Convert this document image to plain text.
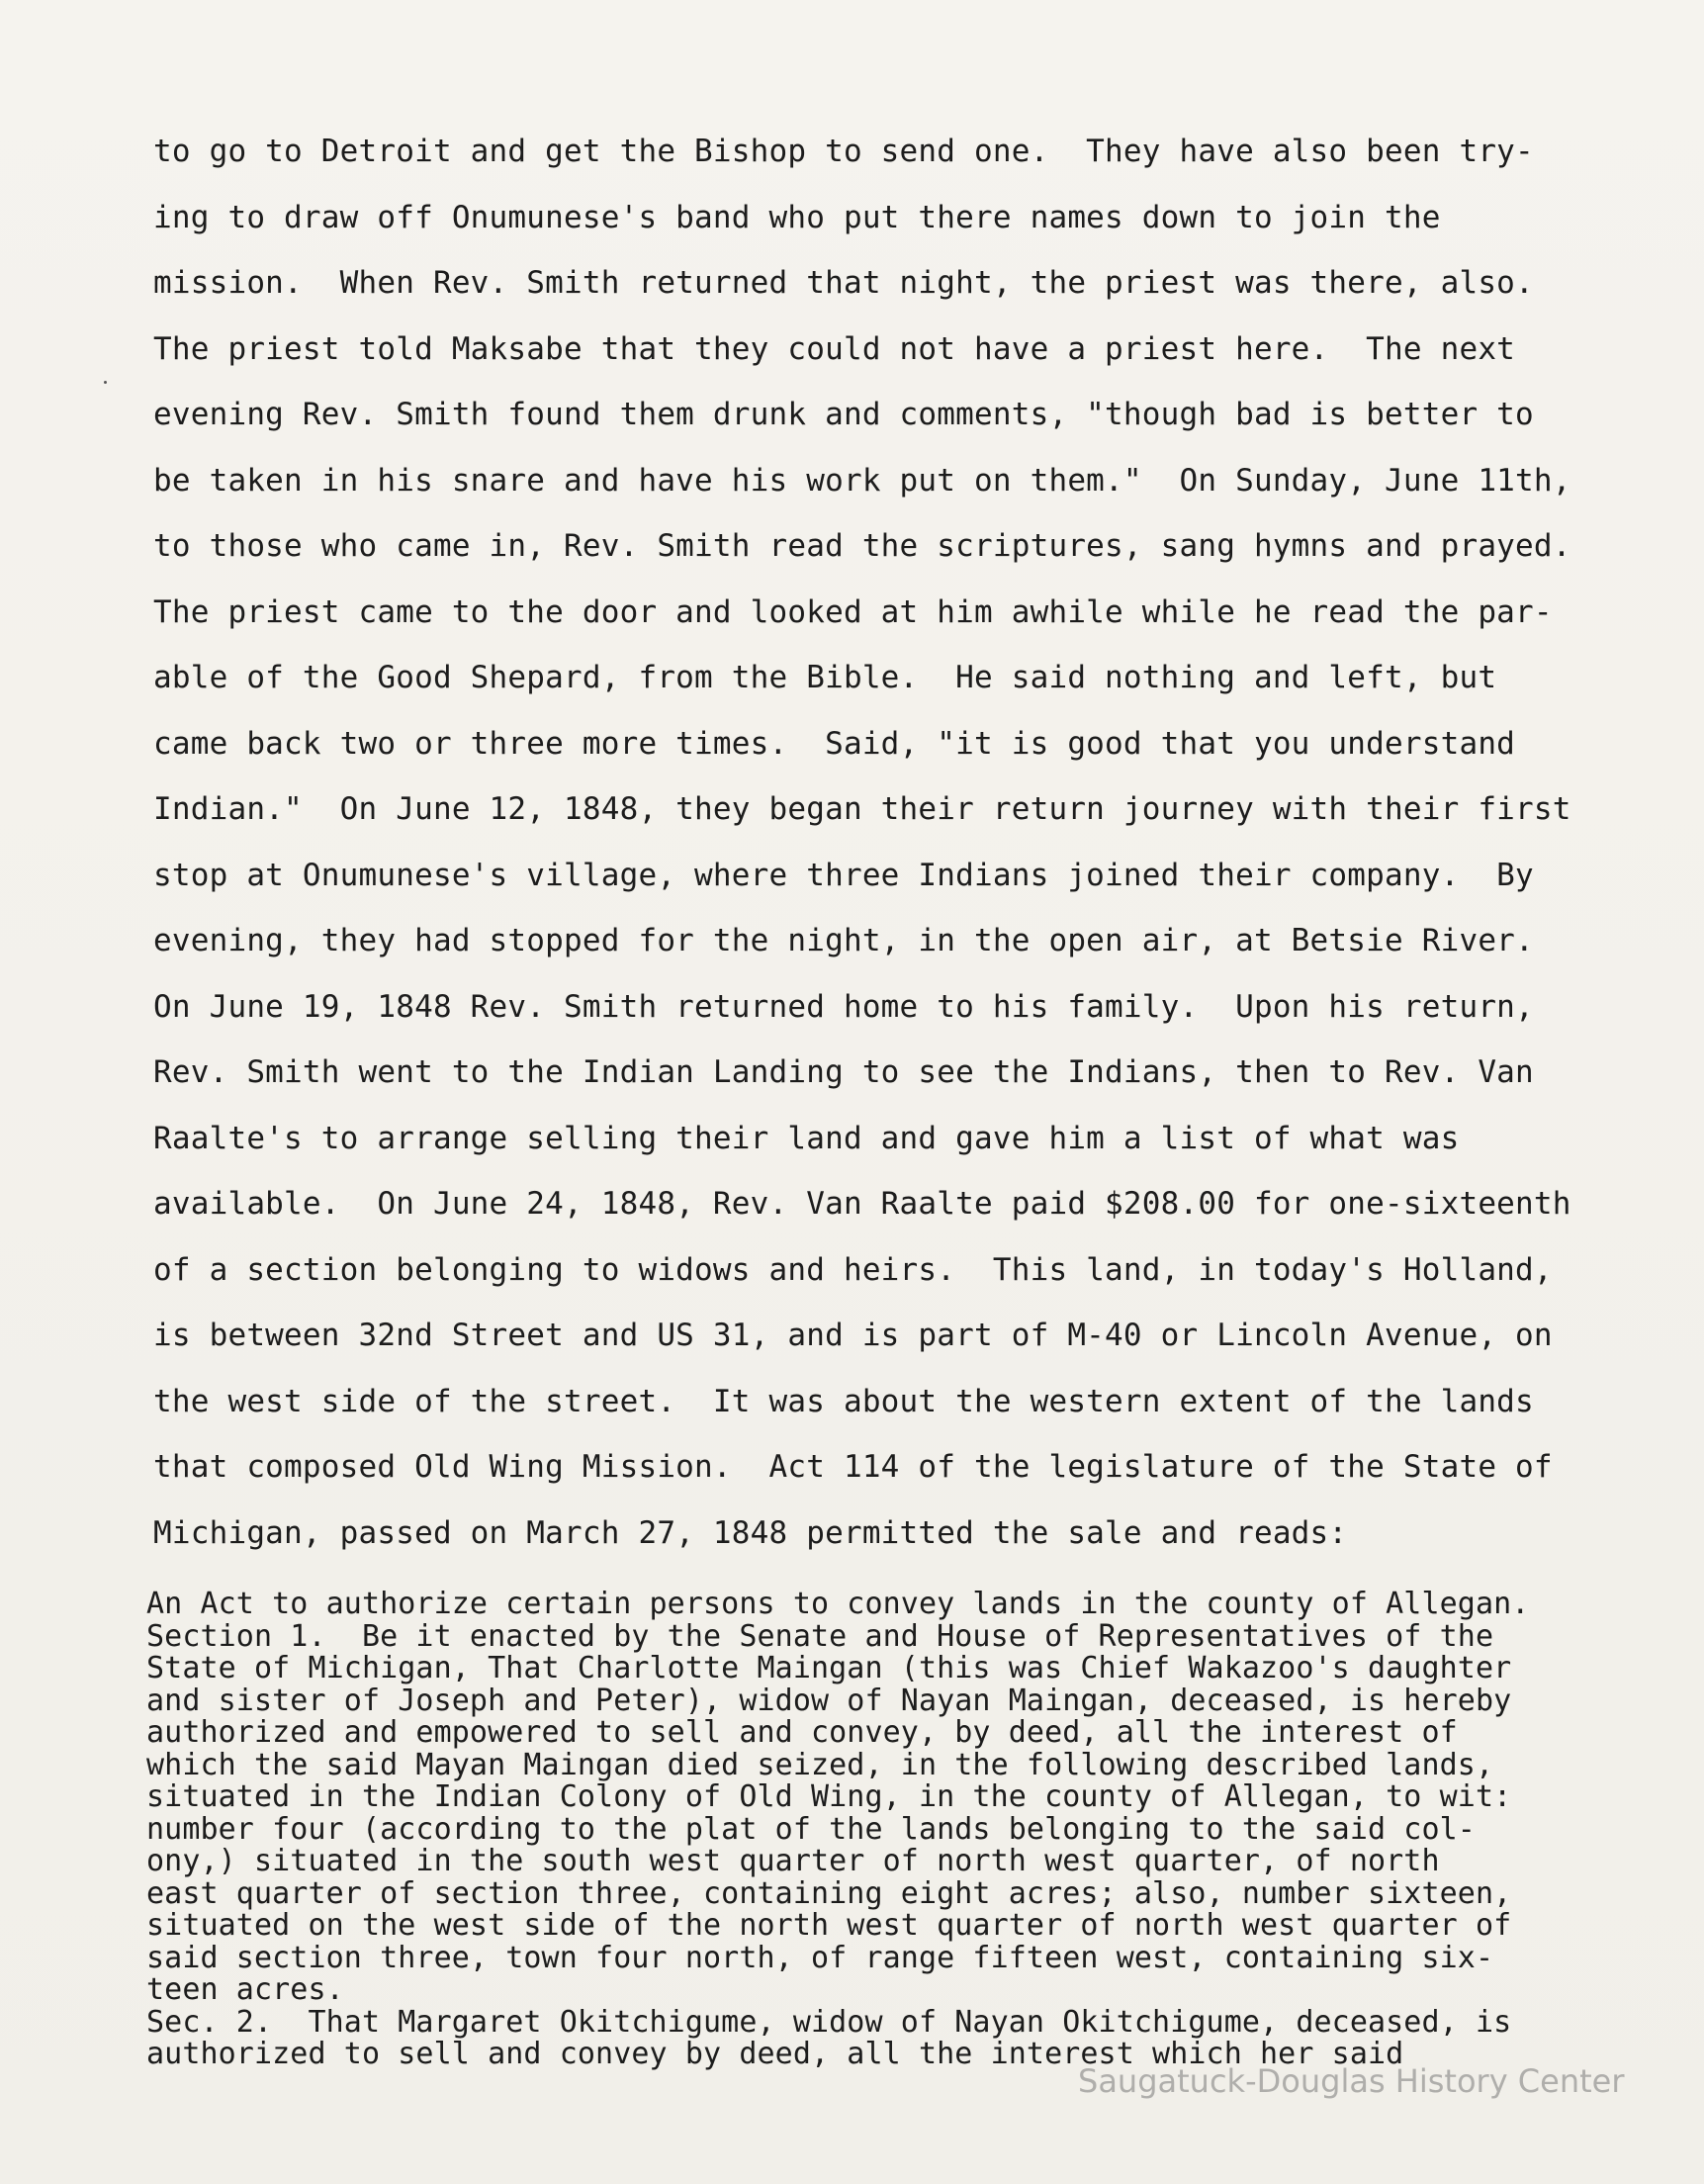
to go to Detroit and get the Bishop to send one.  They have also been try-
ing to draw off Onumunese's band who put there names down to join the
mission.  When Rev. Smith returned that night, the priest was there, also.
The priest told Maksabe that they could not have a priest here.  The next
evening Rev. Smith found them drunk and comments, "though bad is better to
be taken in his snare and have his work put on them."  On Sunday, June 11th,
to those who came in, Rev. Smith read the scriptures, sang hymns and prayed.
The priest came to the door and looked at him awhile while he read the par-
able of the Good Shepard, from the Bible.  He said nothing and left, but
came back two or three more times.  Said, "it is good that you understand
Indian."  On June 12, 1848, they began their return journey with their first
stop at Onumunese's village, where three Indians joined their company.  By
evening, they had stopped for the night, in the open air, at Betsie River.
On June 19, 1848 Rev. Smith returned home to his family.  Upon his return,
Rev. Smith went to the Indian Landing to see the Indians, then to Rev. Van
Raalte's to arrange selling their land and gave him a list of what was
available.  On June 24, 1848, Rev. Van Raalte paid $208.00 for one-sixteenth
of a section belonging to widows and heirs.  This land, in today's Holland,
is between 32nd Street and US 31, and is part of M-40 or Lincoln Avenue, on
the west side of the street.  It was about the western extent of the lands
that composed Old Wing Mission.  Act 114 of the legislature of the State of
Michigan, passed on March 27, 1848 permitted the sale and reads:
An Act to authorize certain persons to convey lands in the county of Allegan.
Section 1.  Be it enacted by the Senate and House of Representatives of the
State of Michigan, That Charlotte Maingan (this was Chief Wakazoo's daughter
and sister of Joseph and Peter), widow of Nayan Maingan, deceased, is hereby
authorized and empowered to sell and convey, by deed, all the interest of
which the said Mayan Maingan died seized, in the following described lands,
situated in the Indian Colony of Old Wing, in the county of Allegan, to wit:
number four (according to the plat of the lands belonging to the said col-
ony,) situated in the south west quarter of north west quarter, of north
east quarter of section three, containing eight acres; also, number sixteen,
situated on the west side of the north west quarter of north west quarter of
said section three, town four north, of range fifteen west, containing six-
teen acres.
Sec. 2.  That Margaret Okitchigume, widow of Nayan Okitchigume, deceased, is
authorized to sell and convey by deed, all the interest which her said
Saugatuck-Douglas History Center
